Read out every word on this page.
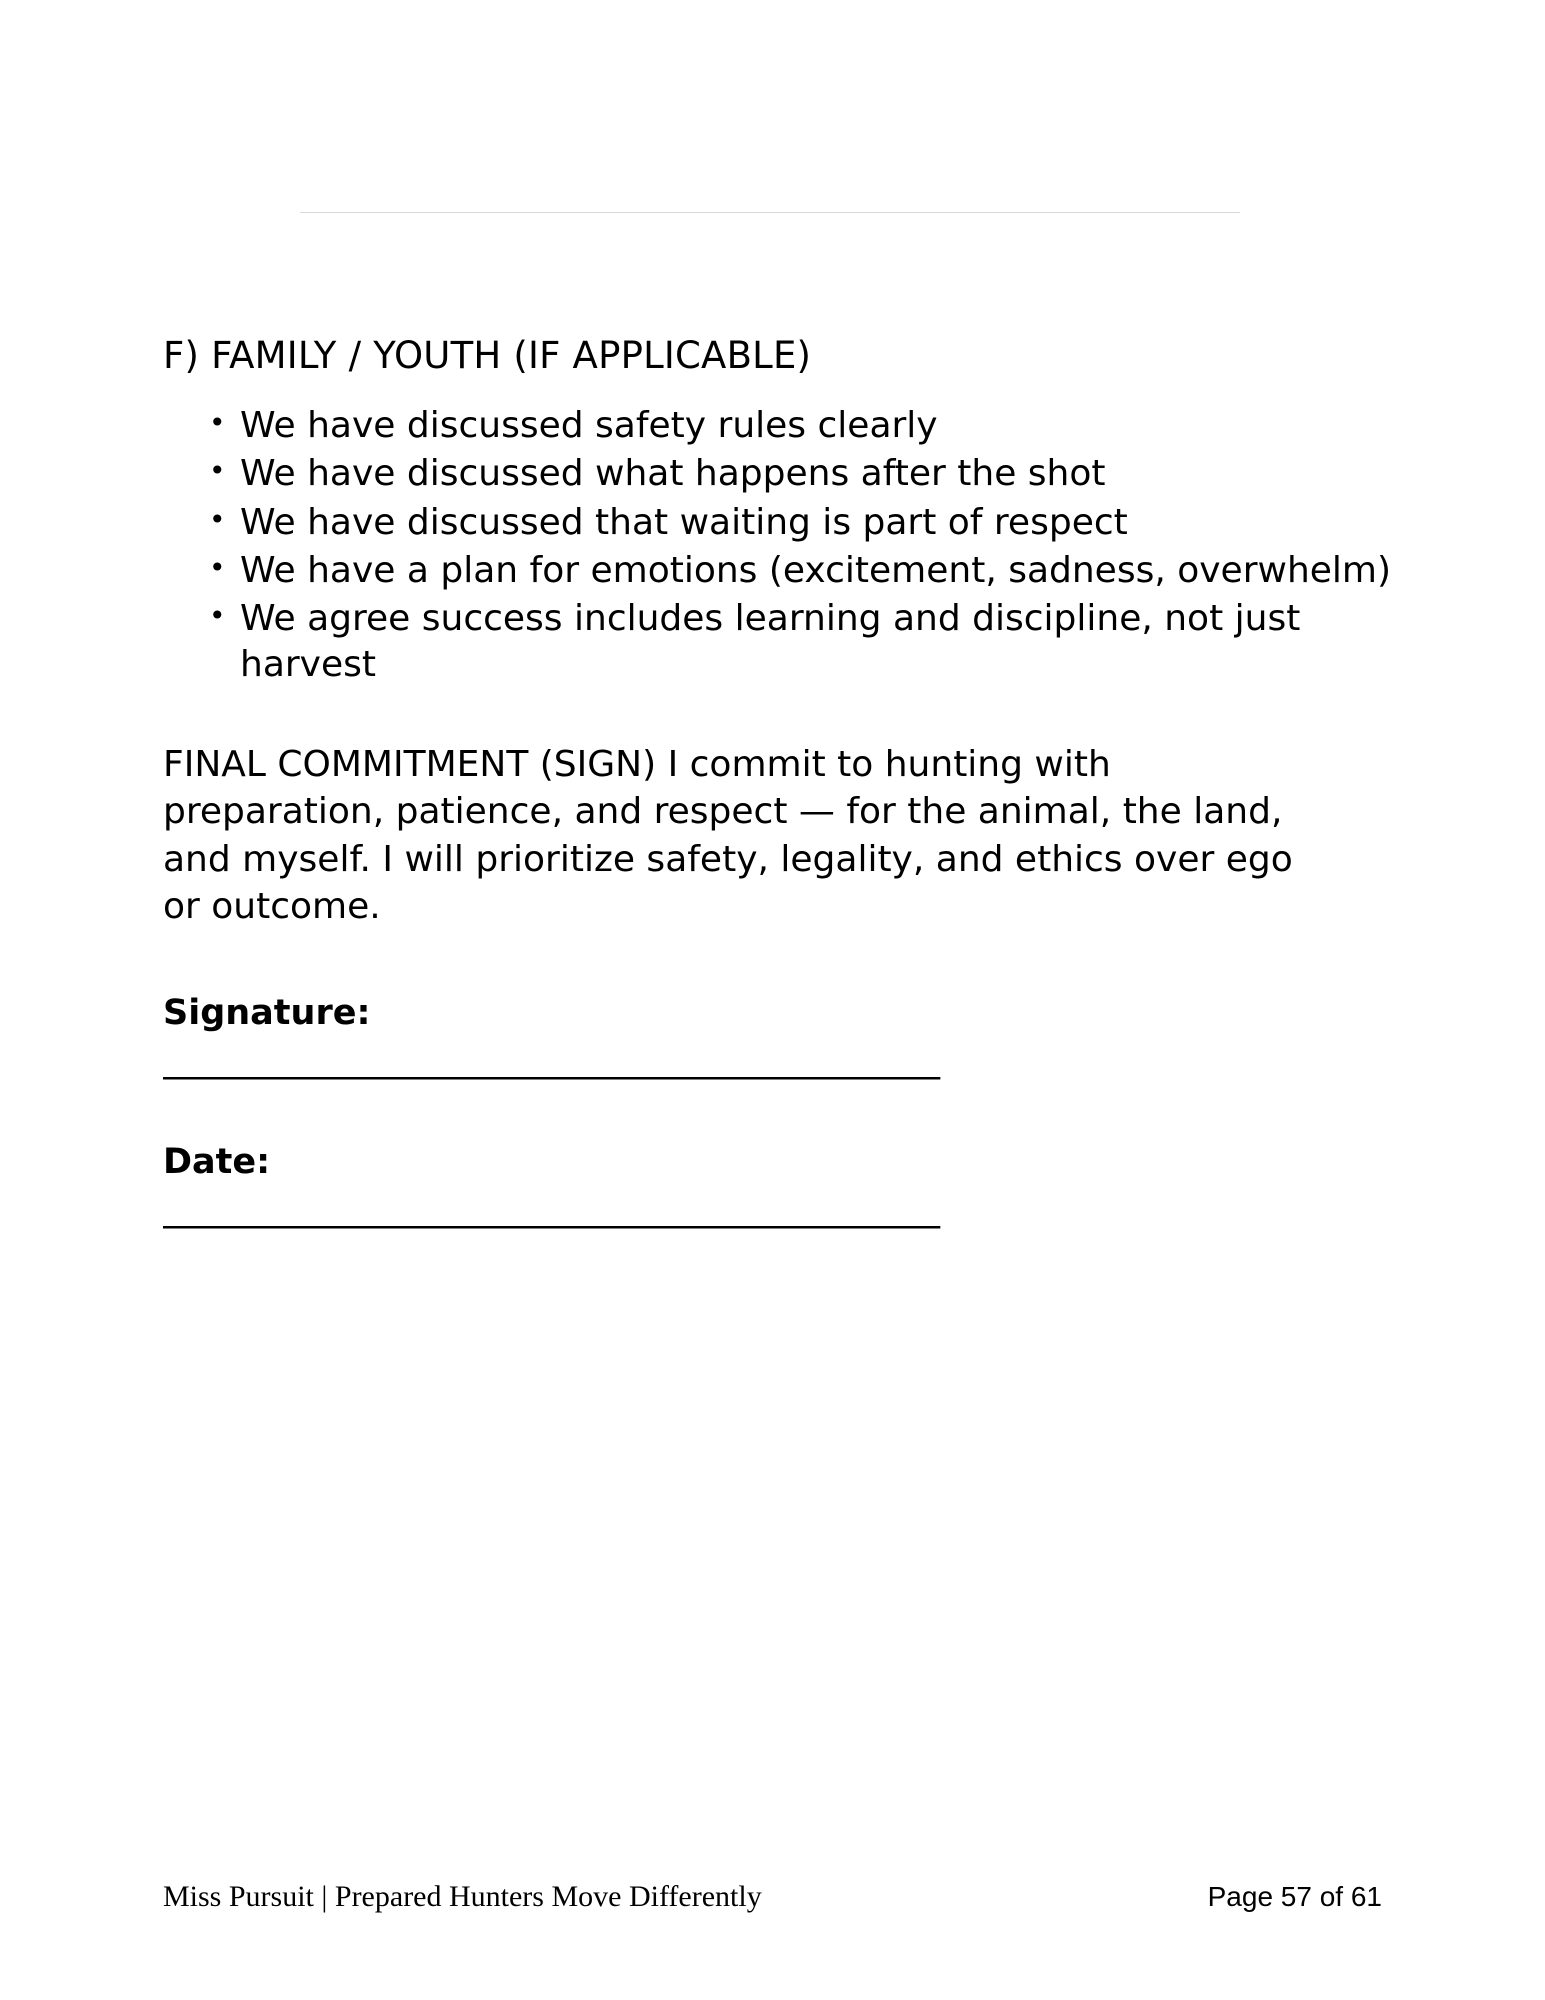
F) FAMILY / YOUTH (IF APPLICABLE)
• We have discussed safety rules clearly
• We have discussed what happens after the shot
• We have discussed that waiting is part of respect
• We have a plan for emotions (excitement, sadness, overwhelm)
• We agree success includes learning and discipline, not just harvest

FINAL COMMITMENT (SIGN) I commit to hunting with preparation, patience, and respect — for the animal, the land, and myself. I will prioritize safety, legality, and ethics over ego or outcome.

Signature:

_______________________________________________

Date:

_______________________________________________

Miss Pursuit | Prepared Hunters Move Differently	Page 57 of 61
